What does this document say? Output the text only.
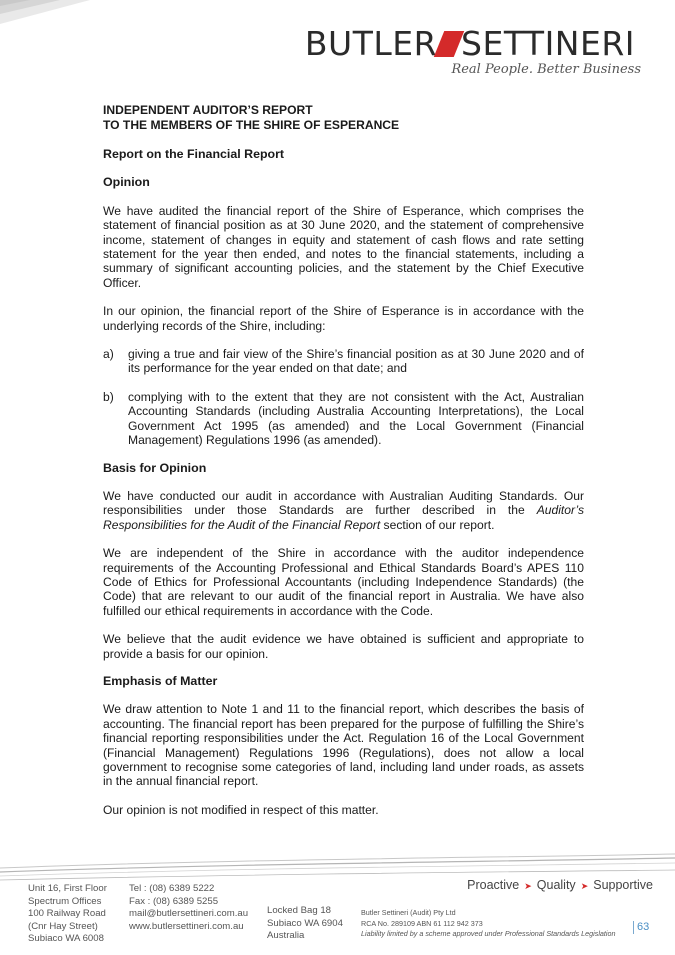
BUTLER SETTINERI
Real People. Better Business

INDEPENDENT AUDITOR’S REPORT

TO THE MEMBERS OF THE SHIRE OF ESPERANCE

Report on the Financial Report

Opinion

We have audited the financial report of the Shire of Esperance, which comprises the statement of financial position as at 30 June 2020, and the statement of comprehensive income, statement of changes in equity and statement of cash flows and rate setting statement for the year then ended, and notes to the financial statements, including a summary of significant accounting policies, and the statement by the Chief Executive Officer.

In our opinion, the financial report of the Shire of Esperance is in accordance with the underlying records of the Shire, including:

a) giving a true and fair view of the Shire’s financial position as at 30 June 2020 and of its performance for the year ended on that date; and

b) complying with to the extent that they are not consistent with the Act, Australian Accounting Standards (including Australia Accounting Interpretations), the Local Government Act 1995 (as amended) and the Local Government (Financial Management) Regulations 1996 (as amended).

Basis for Opinion

We have conducted our audit in accordance with Australian Auditing Standards. Our responsibilities under those Standards are further described in the Auditor’s Responsibilities for the Audit of the Financial Report section of our report.

We are independent of the Shire in accordance with the auditor independence requirements of the Accounting Professional and Ethical Standards Board’s APES 110 Code of Ethics for Professional Accountants (including Independence Standards) (the Code) that are relevant to our audit of the financial report in Australia. We have also fulfilled our ethical requirements in accordance with the Code.

We believe that the audit evidence we have obtained is sufficient and appropriate to provide a basis for our opinion.

Emphasis of Matter

We draw attention to Note 1 and 11 to the financial report, which describes the basis of accounting. The financial report has been prepared for the purpose of fulfilling the Shire’s financial reporting responsibilities under the Act. Regulation 16 of the Local Government (Financial Management) Regulations 1996 (Regulations), does not allow a local government to recognise some categories of land, including land under roads, as assets in the annual financial report.

Our opinion is not modified in respect of this matter.

Proactive ➤ Quality ➤ Supportive
Unit 16, First Floor
Spectrum Offices
100 Railway Road
(Cnr Hay Street)
Subiaco WA 6008
Tel : (08) 6389 5222
Fax : (08) 6389 5255
mail@butlersettineri.com.au
www.butlersettineri.com.au
Locked Bag 18
Subiaco WA 6904
Australia
Butler Settineri (Audit) Pty Ltd
RCA No. 289109 ABN 61 112 942 373
Liability limited by a scheme approved under Professional Standards Legislation
63
